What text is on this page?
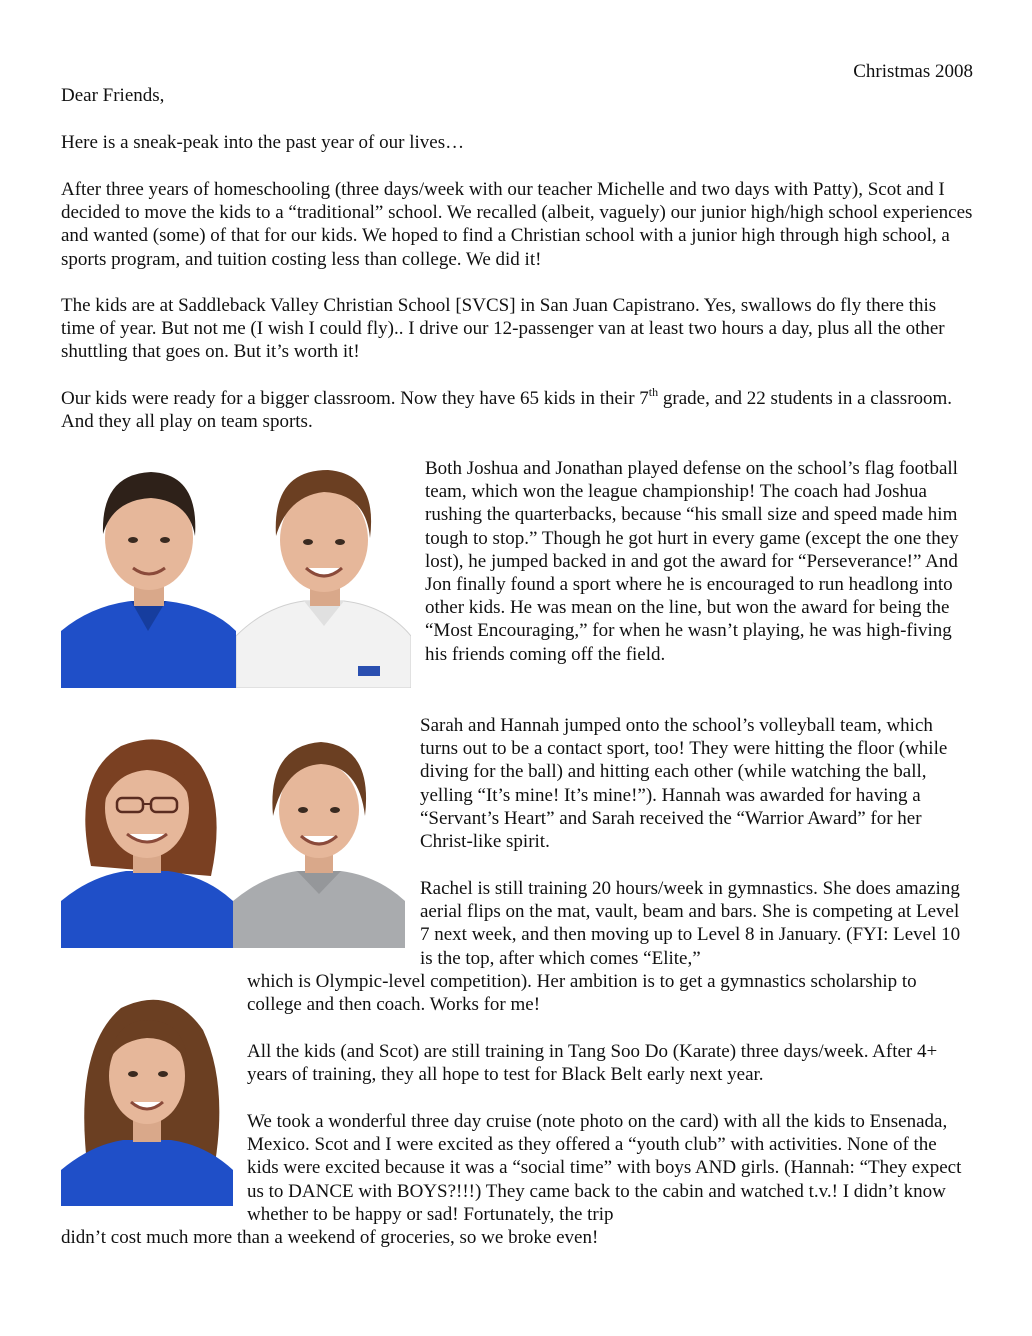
Christmas 2008
Dear Friends,

Here is a sneak-peak into the past year of our lives…

After three years of homeschooling (three days/week with our teacher Michelle and two days with Patty), Scot and I decided to move the kids to a “traditional” school. We recalled (albeit, vaguely) our junior high/high school experiences and wanted (some) of that for our kids. We hoped to find a Christian school with a junior high through high school, a sports program, and tuition costing less than college. We did it!

The kids are at Saddleback Valley Christian School [SVCS] in San Juan Capistrano. Yes, swallows do fly there this time of year. But not me (I wish I could fly).. I drive our 12-passenger van at least two hours a day, plus all the other shuttling that goes on. But it’s worth it!

Our kids were ready for a bigger classroom. Now they have 65 kids in their 7th grade, and 22 students in a classroom. And they all play on team sports.

Both Joshua and Jonathan played defense on the school’s flag football team, which won the league championship! The coach had Joshua rushing the quarterbacks, because “his small size and speed made him tough to stop.” Though he got hurt in every game (except the one they lost), he jumped backed in and got the award for “Perseverance!” And Jon finally found a sport where he is encouraged to run headlong into other kids. He was mean on the line, but won the award for being the “Most Encouraging,” for when he wasn’t playing, he was high-fiving his friends coming off the field.

Sarah and Hannah jumped onto the school’s volleyball team, which turns out to be a contact sport, too! They were hitting the floor (while diving for the ball) and hitting each other (while watching the ball, yelling “It’s mine! It’s mine!”). Hannah was awarded for having a “Servant’s Heart” and Sarah received the “Warrior Award” for her Christ-like spirit.

Rachel is still training 20 hours/week in gymnastics. She does amazing aerial flips on the mat, vault, beam and bars. She is competing at Level 7 next week, and then moving up to Level 8 in January. (FYI: Level 10 is the top, after which comes “Elite,”

which is Olympic-level competition). Her ambition is to get a gymnastics scholarship to college and then coach. Works for me!

All the kids (and Scot) are still training in Tang Soo Do (Karate) three days/week. After 4+ years of training, they all hope to test for Black Belt early next year.

We took a wonderful three day cruise (note photo on the card) with all the kids to Ensenada, Mexico. Scot and I were excited as they offered a “youth club” with activities. None of the kids were excited because it was a “social time” with boys AND girls. (Hannah: “They expect us to DANCE with BOYS?!!!) They came back to the cabin and watched t.v.! I didn’t know whether to be happy or sad! Fortunately, the trip

didn’t cost much more than a weekend of groceries, so we broke even!
